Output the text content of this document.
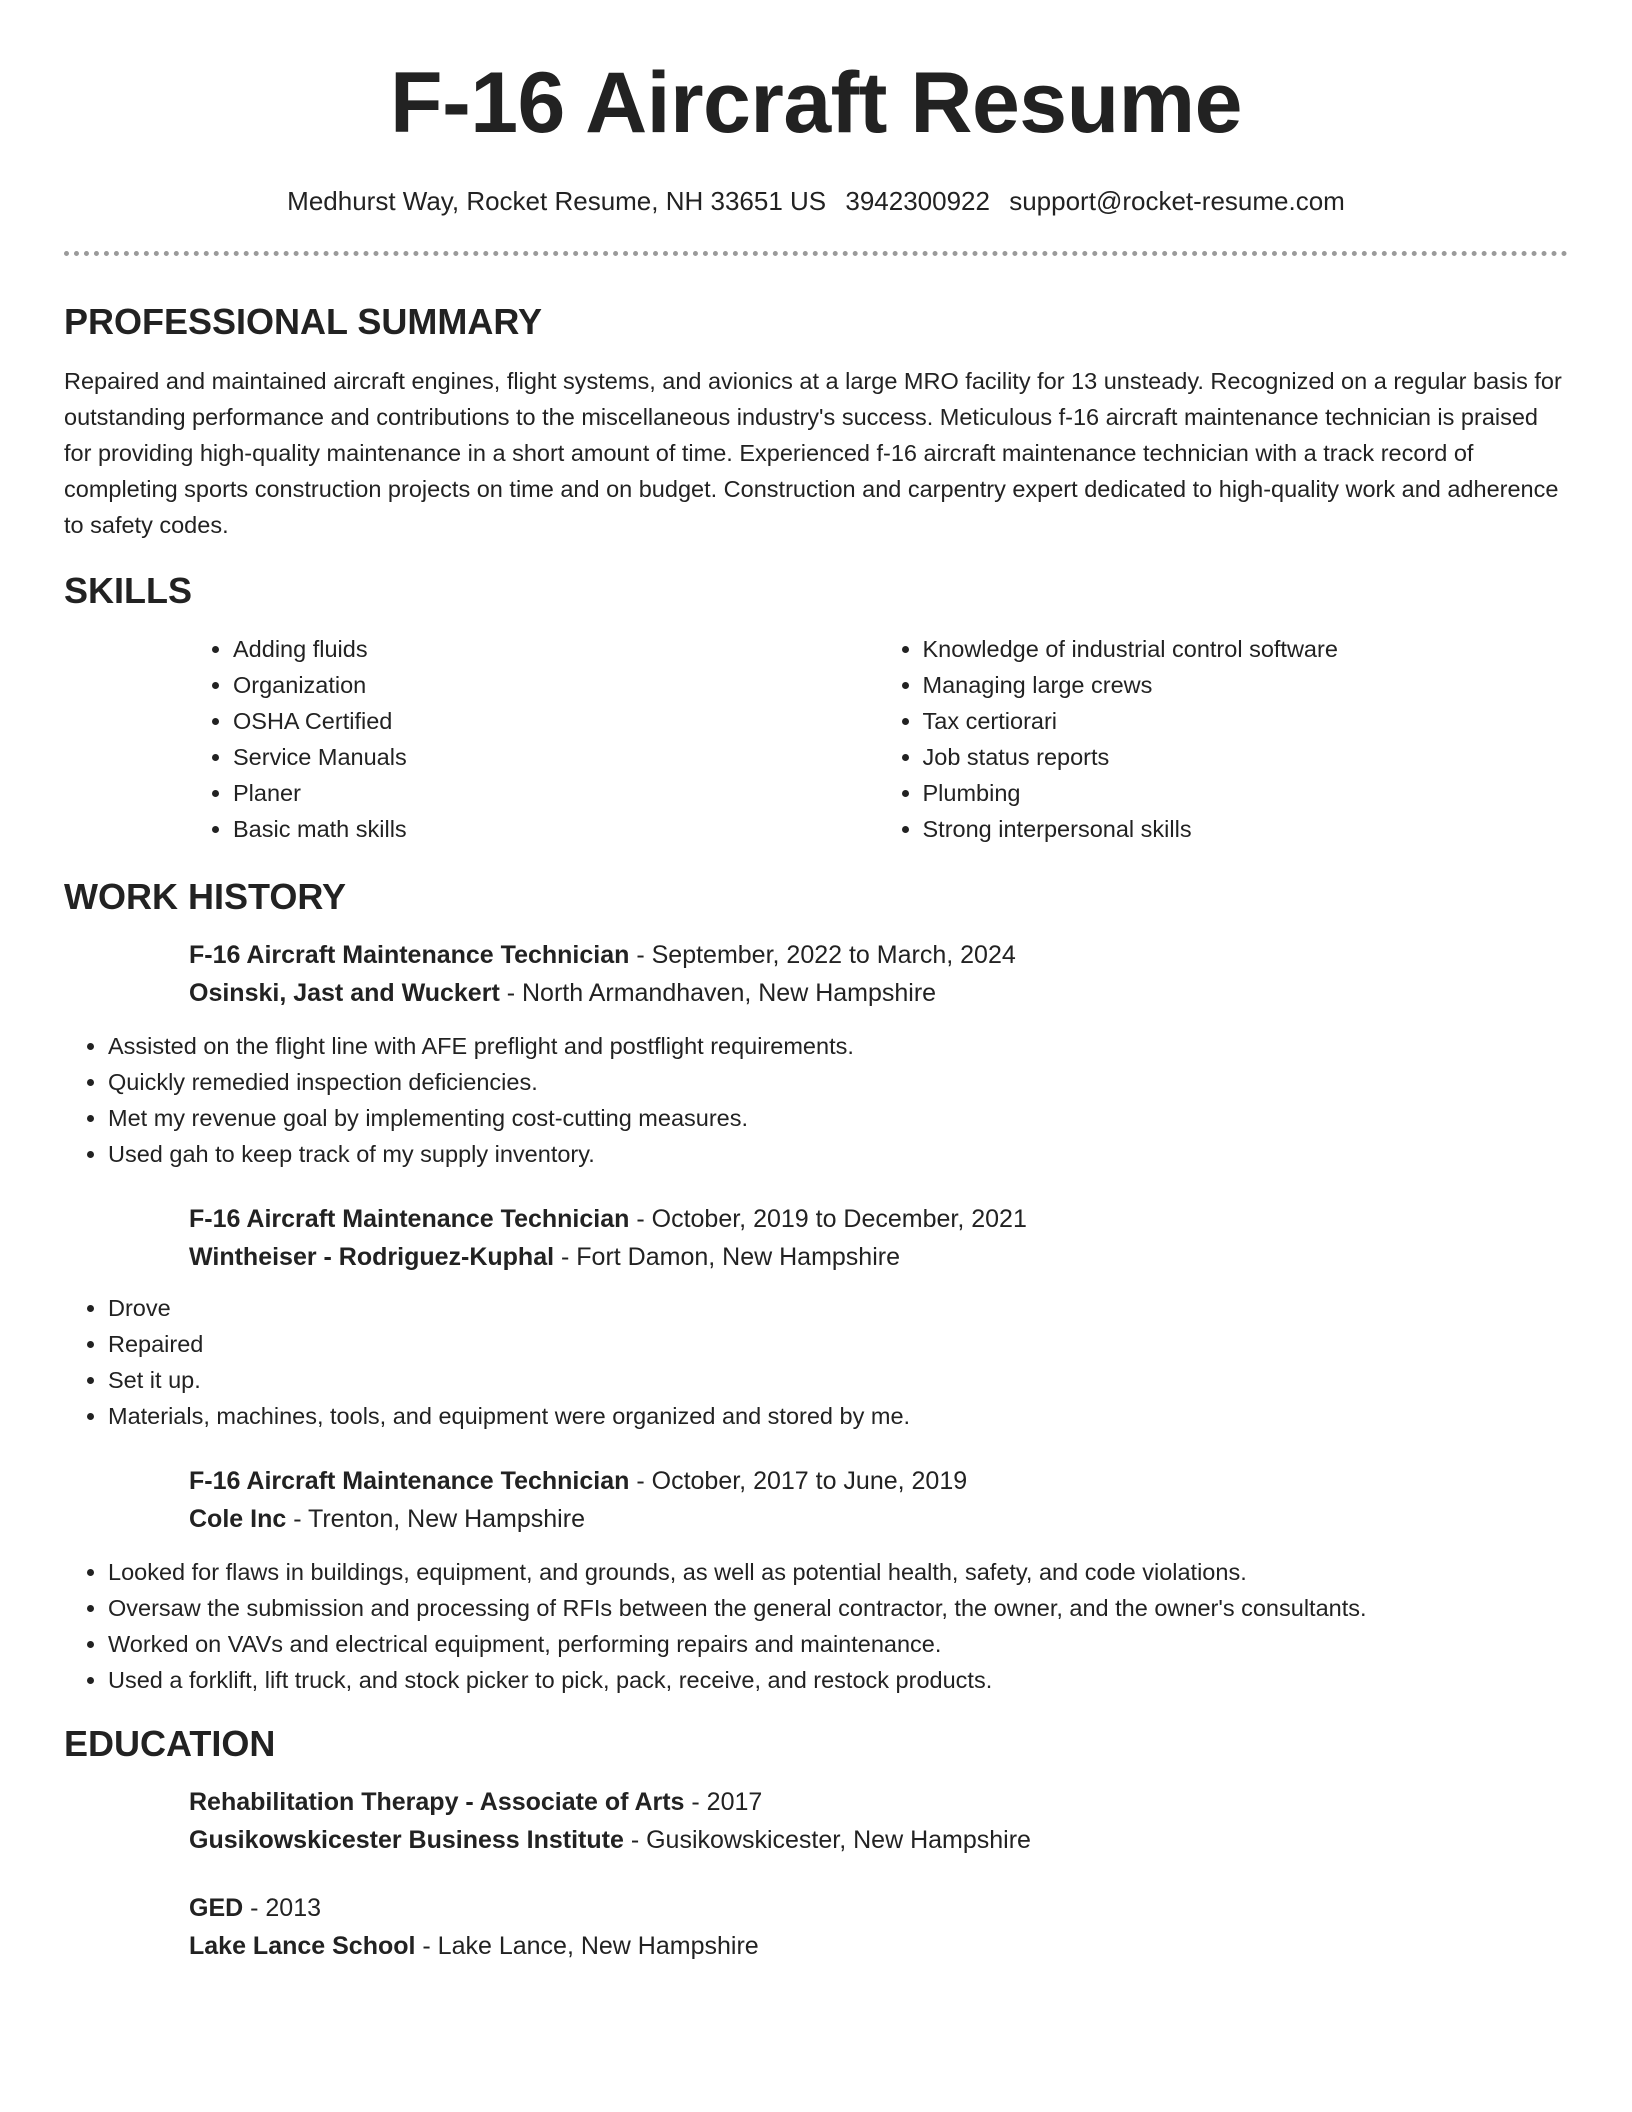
F-16 Aircraft Resume
Medhurst Way, Rocket Resume, NH 33651 US 3942300922 support@rocket-resume.com
PROFESSIONAL SUMMARY

Repaired and maintained aircraft engines, flight systems, and avionics at a large MRO facility for 13 unsteady. Recognized on a regular basis for outstanding performance and contributions to the miscellaneous industry's success. Meticulous f-16 aircraft maintenance technician is praised for providing high-quality maintenance in a short amount of time. Experienced f-16 aircraft maintenance technician with a track record of completing sports construction projects on time and on budget. Construction and carpentry expert dedicated to high-quality work and adherence to safety codes.

SKILLS
• Adding fluids
• Organization
• OSHA Certified
• Service Manuals
• Planer
• Basic math skills
• Knowledge of industrial control software
• Managing large crews
• Tax certiorari
• Job status reports
• Plumbing
• Strong interpersonal skills
WORK HISTORY
F-16 Aircraft Maintenance Technician - September, 2022 to March, 2024
Osinski, Jast and Wuckert - North Armandhaven, New Hampshire
• Assisted on the flight line with AFE preflight and postflight requirements.
• Quickly remedied inspection deficiencies.
• Met my revenue goal by implementing cost-cutting measures.
• Used gah to keep track of my supply inventory.
F-16 Aircraft Maintenance Technician - October, 2019 to December, 2021
Wintheiser - Rodriguez-Kuphal - Fort Damon, New Hampshire
• Drove
• Repaired
• Set it up.
• Materials, machines, tools, and equipment were organized and stored by me.
F-16 Aircraft Maintenance Technician - October, 2017 to June, 2019
Cole Inc - Trenton, New Hampshire
• Looked for flaws in buildings, equipment, and grounds, as well as potential health, safety, and code violations.
• Oversaw the submission and processing of RFIs between the general contractor, the owner, and the owner's consultants.
• Worked on VAVs and electrical equipment, performing repairs and maintenance.
• Used a forklift, lift truck, and stock picker to pick, pack, receive, and restock products.
EDUCATION
Rehabilitation Therapy - Associate of Arts - 2017
Gusikowskicester Business Institute - Gusikowskicester, New Hampshire
GED - 2013
Lake Lance School - Lake Lance, New Hampshire
